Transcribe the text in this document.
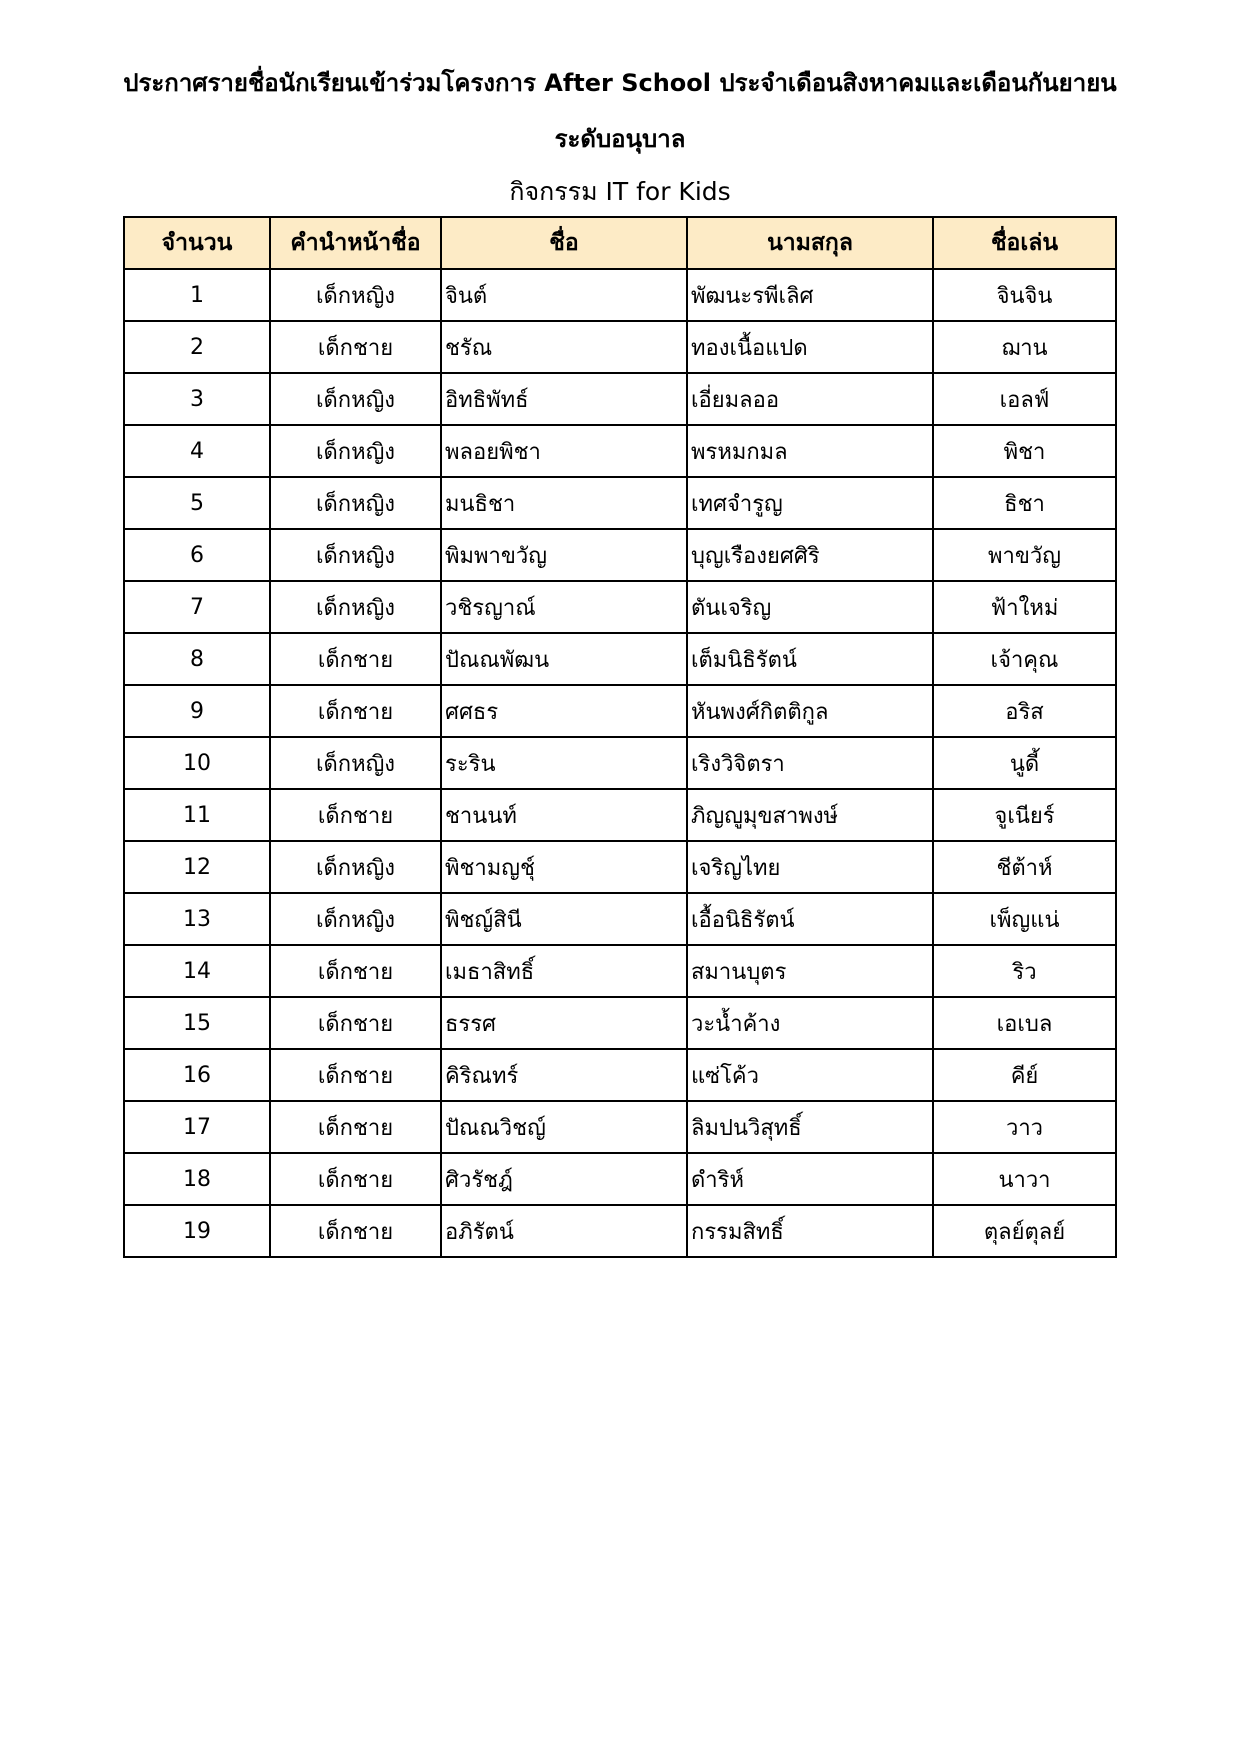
ประกาศรายชื่อนักเรียนเข้าร่วมโครงการ After School ประจำเดือนสิงหาคมและเดือนกันยายน
ระดับอนุบาล
กิจกรรม IT for Kids
จำนวน	คำนำหน้าชื่อ	ชื่อ	นามสกุล	ชื่อเล่น
1	เด็กหญิง	จินต์	พัฒนะรพีเลิศ	จินจิน
2	เด็กชาย	ชรัณ	ทองเนื้อแปด	ฌาน
3	เด็กหญิง	อิทธิพัทธ์	เอี่ยมลออ	เอลฟ์
4	เด็กหญิง	พลอยพิชา	พรหมกมล	พิชา
5	เด็กหญิง	มนธิชา	เทศจำรูญ	ธิชา
6	เด็กหญิง	พิมพาขวัญ	บุญเรืองยศศิริ	พาขวัญ
7	เด็กหญิง	วชิรญาณ์	ตันเจริญ	ฟ้าใหม่
8	เด็กชาย	ปัณณพัฒน	เต็มนิธิรัตน์	เจ้าคุณ
9	เด็กชาย	ศศธร	หันพงศ์กิตติกูล	อริส
10	เด็กหญิง	ระริน	เริงวิจิตรา	นูดี้
11	เด็กชาย	ชานนท์	ภิญญูมุขสาพงษ์	จูเนียร์
12	เด็กหญิง	พิชามญชุ์	เจริญไทย	ชีต้าห์
13	เด็กหญิง	พิชญ์สินี	เอื้อนิธิรัตน์	เพ็ญแน่
14	เด็กชาย	เมธาสิทธิ์	สมานบุตร	ริว
15	เด็กชาย	ธรรศ	วะน้ำค้าง	เอเบล
16	เด็กชาย	คิริณทร์	แซ่โค้ว	คีย์
17	เด็กชาย	ปัณณวิชญ์	ลิมปนวิสุทธิ์	วาว
18	เด็กชาย	ศิวรัชฎ์	ดำริห์	นาวา
19	เด็กชาย	อภิรัตน์	กรรมสิทธิ์	ตุลย์ตุลย์
